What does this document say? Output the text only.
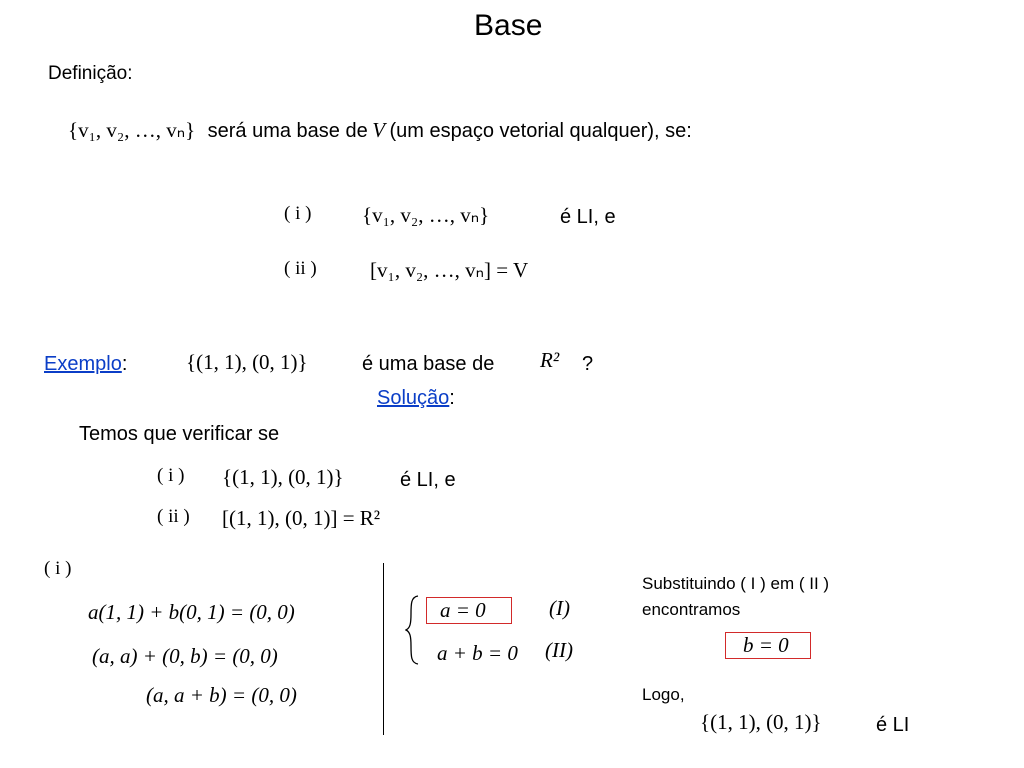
Base
Definição:
{v₁, v₂, …, vₙ} será uma base de V (um espaço vetorial qualquer), se:
( i ) {v₁, v₂, …, vₙ}	é LI, e
( ii )	[v₁, v₂, …, vₙ] = V
Exemplo:	{(1, 1), (0, 1)}	é uma base de R² ?
Solução:
Temos que verificar se
( i ) {(1, 1), (0, 1)}	é LI, e
( ii ) [(1, 1), (0, 1)] = R²
( i )
a(1, 1) + b(0, 1) = (0, 0)
(a, a) + (0, b) = (0, 0)
(a, a + b) = (0, 0)
a = 0	(I)
a + b = 0 (II)
Substituindo ( I ) em ( II )
encontramos
b = 0
Logo,
{(1, 1), (0, 1)}	é LI
